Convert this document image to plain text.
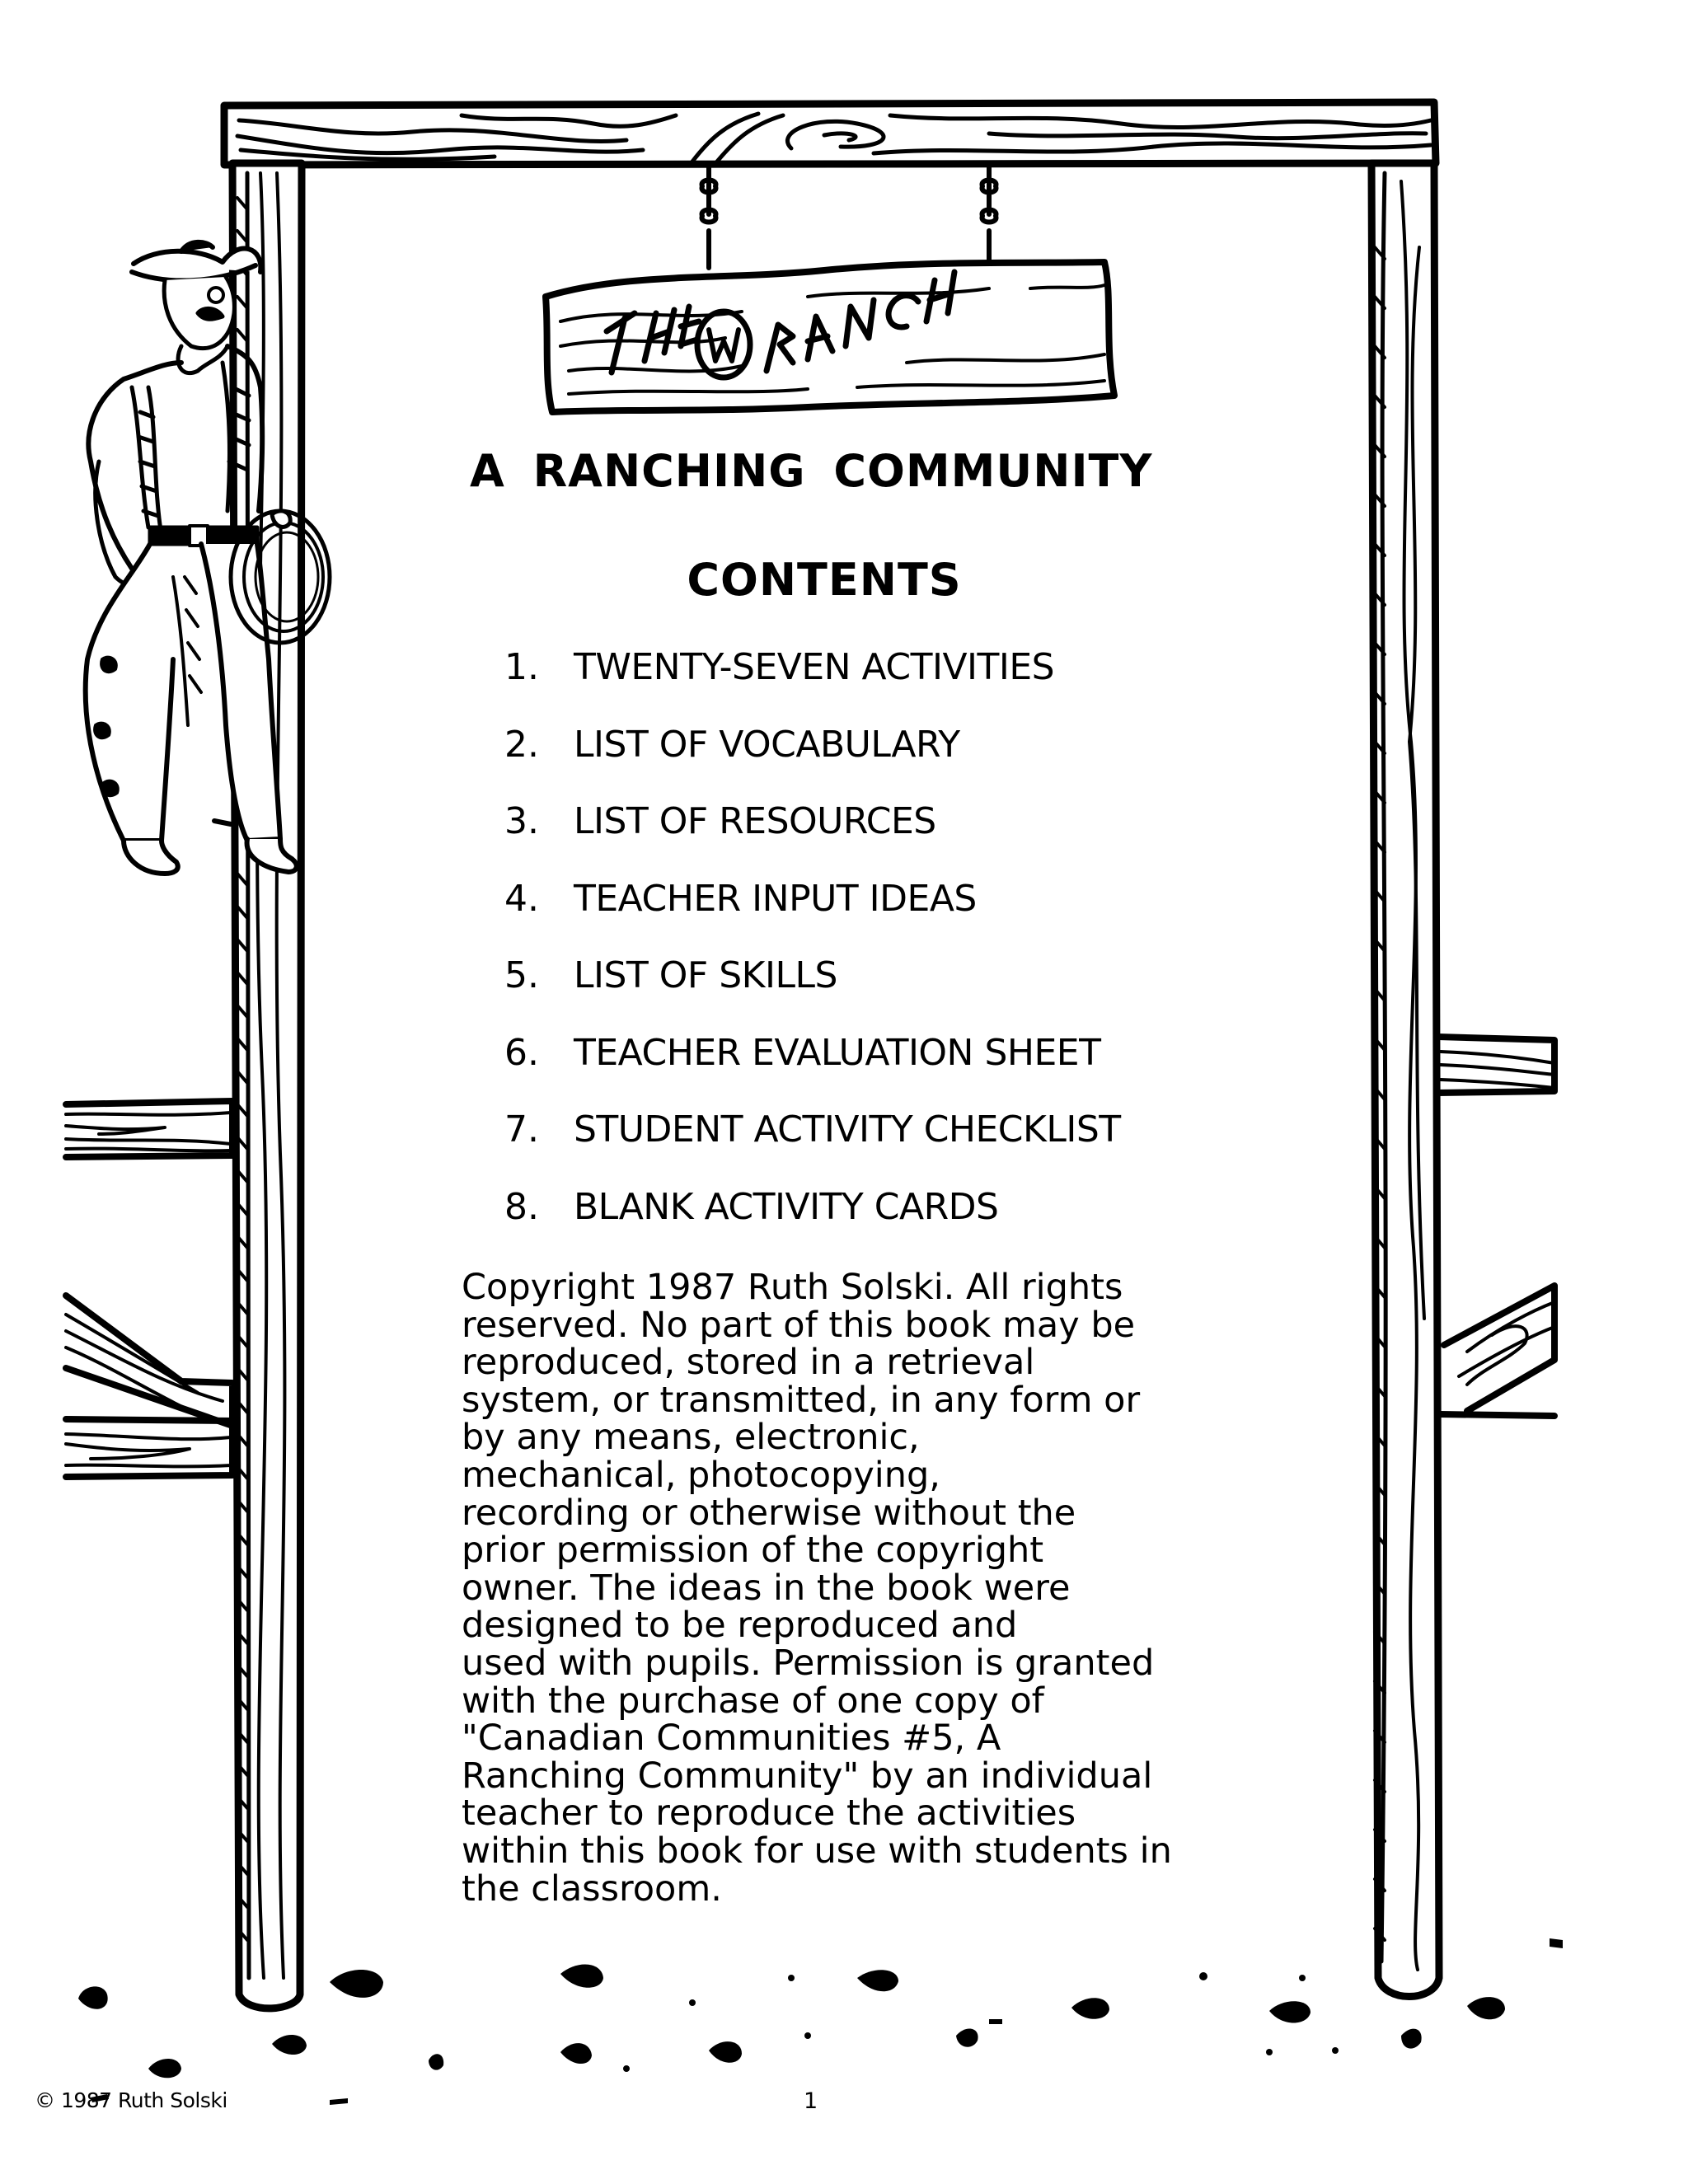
A RANCHING COMMUNITY
CONTENTS
1. TWENTY-SEVEN ACTIVITIES
2. LIST OF VOCABULARY
3. LIST OF RESOURCES
4. TEACHER INPUT IDEAS
5. LIST OF SKILLS
6. TEACHER EVALUATION SHEET
7. STUDENT ACTIVITY CHECKLIST
8. BLANK ACTIVITY CARDS
Copyright 1987 Ruth Solski. All rights
reserved. No part of this book may be
reproduced, stored in a retrieval
system, or transmitted, in any form or
by any means, electronic,
mechanical, photocopying,
recording or otherwise without the
prior permission of the copyright
owner. The ideas in the book were
designed to be reproduced and
used with pupils. Permission is granted
with the purchase of one copy of
"Canadian Communities #5, A
Ranching Community" by an individual
teacher to reproduce the activities
within this book for use with students in
the classroom.
© 1987 Ruth Solski	1
